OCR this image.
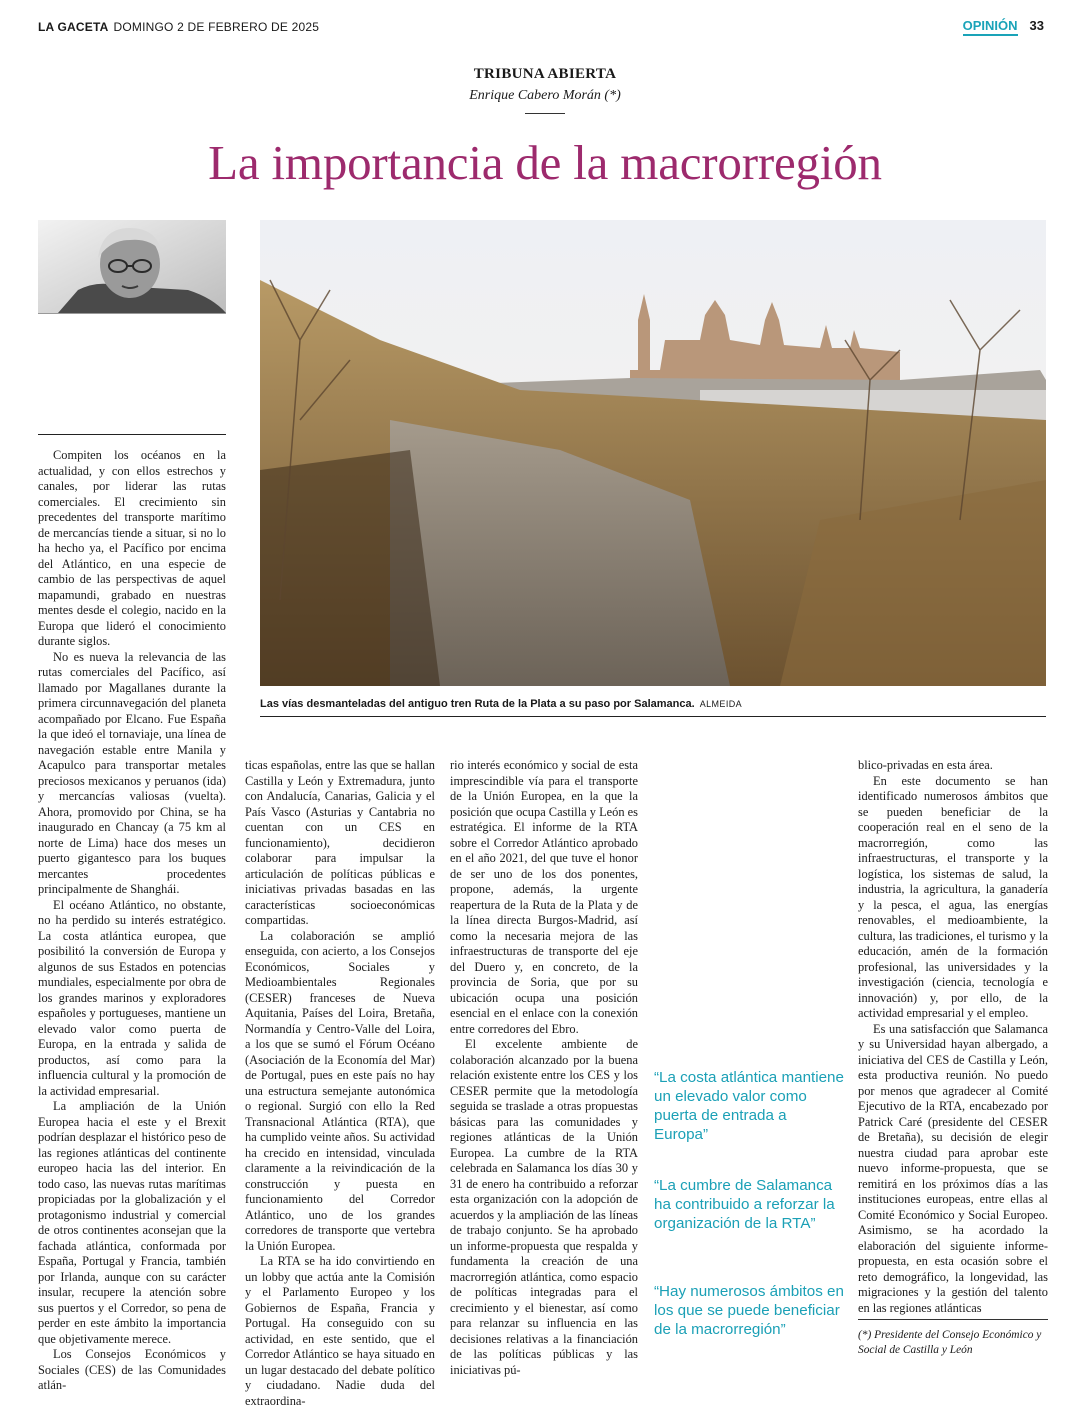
LA GACETA DOMINGO 2 DE FEBRERO DE 2025	OPINIÓN 33
TRIBUNA ABIERTA
Enrique Cabero Morán (*)
La importancia de la macrorregión
Las vías desmanteladas del antiguo tren Ruta de la Plata a su paso por Salamanca. ALMEIDA

Compiten los océanos en la actualidad, y con ellos estrechos y canales, por liderar las rutas comerciales. El crecimiento sin precedentes del transporte marítimo de mercancías tiende a situar, si no lo ha hecho ya, el Pacífico por encima del Atlántico, en una especie de cambio de las perspectivas de aquel mapamundi, grabado en nuestras mentes desde el colegio, nacido en la Europa que lideró el conocimiento durante siglos.

No es nueva la relevancia de las rutas comerciales del Pacífico, así llamado por Magallanes durante la primera circunnavegación del planeta acompañado por Elcano. Fue España la que ideó el tornaviaje, una línea de navegación estable entre Manila y Acapulco para transportar metales preciosos mexicanos y peruanos (ida) y mercancías valiosas (vuelta). Ahora, promovido por China, se ha inaugurado en Chancay (a 75 km al norte de Lima) hace dos meses un puerto gigantesco para los buques mercantes procedentes principalmente de Shanghái.

El océano Atlántico, no obstante, no ha perdido su interés estratégico. La costa atlántica europea, que posibilitó la conversión de Europa y algunos de sus Estados en potencias mundiales, especialmente por obra de los grandes marinos y exploradores españoles y portugueses, mantiene un elevado valor como puerta de Europa, en la entrada y salida de productos, así como para la influencia cultural y la promoción de la actividad empresarial.

La ampliación de la Unión Europea hacia el este y el Brexit podrían desplazar el histórico peso de las regiones atlánticas del continente europeo hacia las del interior. En todo caso, las nuevas rutas marítimas propiciadas por la globalización y el protagonismo industrial y comercial de otros continentes aconsejan que la fachada atlántica, conformada por España, Portugal y Francia, también por Irlanda, aunque con su carácter insular, recupere la atención sobre sus puertos y el Corredor, so pena de perder en este ámbito la importancia que objetivamente merece.

Los Consejos Económicos y Sociales (CES) de las Comunidades atlán-

ticas españolas, entre las que se hallan Castilla y León y Extremadura, junto con Andalucía, Canarias, Galicia y el País Vasco (Asturias y Cantabria no cuentan con un CES en funcionamiento), decidieron colaborar para impulsar la articulación de políticas públicas e iniciativas privadas basadas en las características socioeconómicas compartidas.

La colaboración se amplió enseguida, con acierto, a los Consejos Económicos, Sociales y Medioambientales Regionales (CESER) franceses de Nueva Aquitania, Países del Loira, Bretaña, Normandía y Centro-Valle del Loira, a los que se sumó el Fórum Océano (Asociación de la Economía del Mar) de Portugal, pues en este país no hay una estructura semejante autonómica o regional. Surgió con ello la Red Transnacional Atlántica (RTA), que ha cumplido veinte años. Su actividad ha crecido en intensidad, vinculada claramente a la reivindicación de la construcción y puesta en funcionamiento del Corredor Atlántico, uno de los grandes corredores de transporte que vertebra la Unión Europea.

La RTA se ha ido convirtiendo en un lobby que actúa ante la Comisión y el Parlamento Europeo y los Gobiernos de España, Francia y Portugal. Ha conseguido con su actividad, en este sentido, que el Corredor Atlántico se haya situado en un lugar destacado del debate político y ciudadano. Nadie duda del extraordina-

rio interés económico y social de esta imprescindible vía para el transporte de la Unión Europea, en la que la posición que ocupa Castilla y León es estratégica. El informe de la RTA sobre el Corredor Atlántico aprobado en el año 2021, del que tuve el honor de ser uno de los dos ponentes, propone, además, la urgente reapertura de la Ruta de la Plata y de la línea directa Burgos-Madrid, así como la necesaria mejora de las infraestructuras de transporte del eje del Duero y, en concreto, de la provincia de Soria, que por su ubicación ocupa una posición esencial en el enlace con la conexión entre corredores del Ebro.

El excelente ambiente de colaboración alcanzado por la buena relación existente entre los CES y los CESER permite que la metodología seguida se traslade a otras propuestas básicas para las comunidades y regiones atlánticas de la Unión Europea. La cumbre de la RTA celebrada en Salamanca los días 30 y 31 de enero ha contribuido a reforzar esta organización con la adopción de acuerdos y la ampliación de las líneas de trabajo conjunto. Se ha aprobado un informe-propuesta que respalda y fundamenta la creación de una macrorregión atlántica, como espacio de políticas integradas para el crecimiento y el bienestar, así como para relanzar su influencia en las decisiones relativas a la financiación de las políticas públicas y las iniciativas pú-

“La costa atlántica mantiene un elevado valor como puerta de entrada a Europa”
“La cumbre de Salamanca ha contribuido a reforzar la organización de la RTA”
“Hay numerosos ámbitos en los que se puede beneficiar de la macrorregión”

blico-privadas en esta área.

En este documento se han identificado numerosos ámbitos que se pueden beneficiar de la cooperación real en el seno de la macrorregión, como las infraestructuras, el transporte y la logística, los sistemas de salud, la industria, la agricultura, la ganadería y la pesca, el agua, las energías renovables, el medioambiente, la cultura, las tradiciones, el turismo y la educación, amén de la formación profesional, las universidades y la investigación (ciencia, tecnología e innovación) y, por ello, de la actividad empresarial y el empleo.

Es una satisfacción que Salamanca y su Universidad hayan albergado, a iniciativa del CES de Castilla y León, esta productiva reunión. No puedo por menos que agradecer al Comité Ejecutivo de la RTA, encabezado por Patrick Caré (presidente del CESER de Bretaña), su decisión de elegir nuestra ciudad para aprobar este nuevo informe-propuesta, que se remitirá en los próximos días a las instituciones europeas, entre ellas al Comité Económico y Social Europeo. Asimismo, se ha acordado la elaboración del siguiente informe-propuesta, en esta ocasión sobre el reto demográfico, la longevidad, las migraciones y la gestión del talento en las regiones atlánticas

(*) Presidente del Consejo Económico y Social de Castilla y León
